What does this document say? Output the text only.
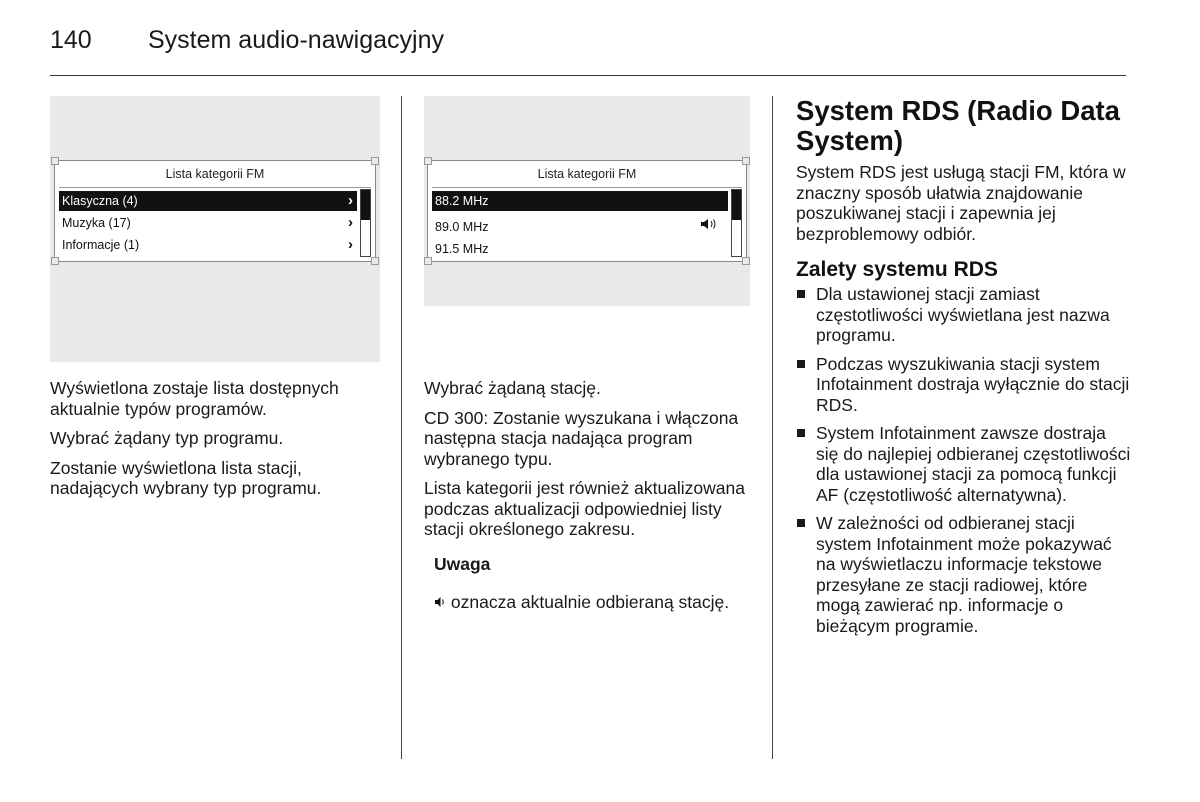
140 System audio-nawigacyjny
Lista kategorii FM
Klasyczna (4)	›
Muzyka (17)	›
Informacje (1)	›
Lista kategorii FM
88.2 MHz
89.0 MHz
91.5 MHz

Wyświetlona zostaje lista dostępnych aktualnie typów programów.

Wybrać żądany typ programu.

Zostanie wyświetlona lista stacji, nadających wybrany typ programu.

Wybrać żądaną stację.

CD 300: Zostanie wyszukana i włączona następna stacja nadająca program wybranego typu.

Lista kategorii jest również aktualizowana podczas aktualizacji odpowiedniej listy stacji określonego zakresu.

Uwaga

oznacza aktualnie odbieraną stację.

System RDS (Radio Data System)

System RDS jest usługą stacji FM, która w znaczny sposób ułatwia znajdowanie poszukiwanej stacji i zapewnia jej bezproblemowy odbiór.

Zalety systemu RDS

Dla ustawionej stacji zamiast częstotliwości wyświetlana jest nazwa programu.
Podczas wyszukiwania stacji system Infotainment dostraja wyłącznie do stacji RDS.
System Infotainment zawsze dostraja się do najlepiej odbieranej częstotliwości dla ustawionej stacji za pomocą funkcji AF (częstotliwość alternatywna).
W zależności od odbieranej stacji system Infotainment może pokazywać na wyświetlaczu informacje tekstowe przesyłane ze stacji radiowej, które mogą zawierać np. informacje o bieżącym programie.
